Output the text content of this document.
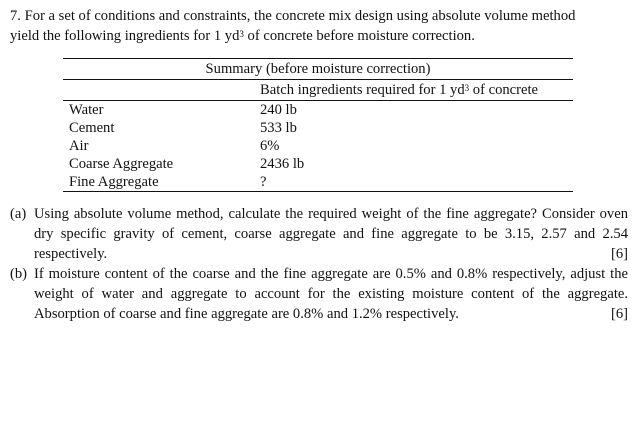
7. For a set of conditions and constraints, the concrete mix design using absolute volume method
yield the following ingredients for 1 $yd^3$ of concrete before moisture correction.
Summary (before moisture correction)
Batch ingredients required for 1 $yd^3$ of concrete
Water	240 lb
Cement	533 lb
Air	6%
Coarse Aggregate	2436 lb
Fine Aggregate	?
(a) Using absolute volume method, calculate the required weight of the fine aggregate? Consider oven dry specific gravity of cement, coarse aggregate and fine aggregate to be 3.15, 2.57 and 2.54 respectively.	[6]
(b) If moisture content of the coarse and the fine aggregate are 0.5% and 0.8% respectively, adjust the weight of water and aggregate to account for the existing moisture content of the aggregate. Absorption of coarse and fine aggregate are 0.8% and 1.2% respectively.	[6]
